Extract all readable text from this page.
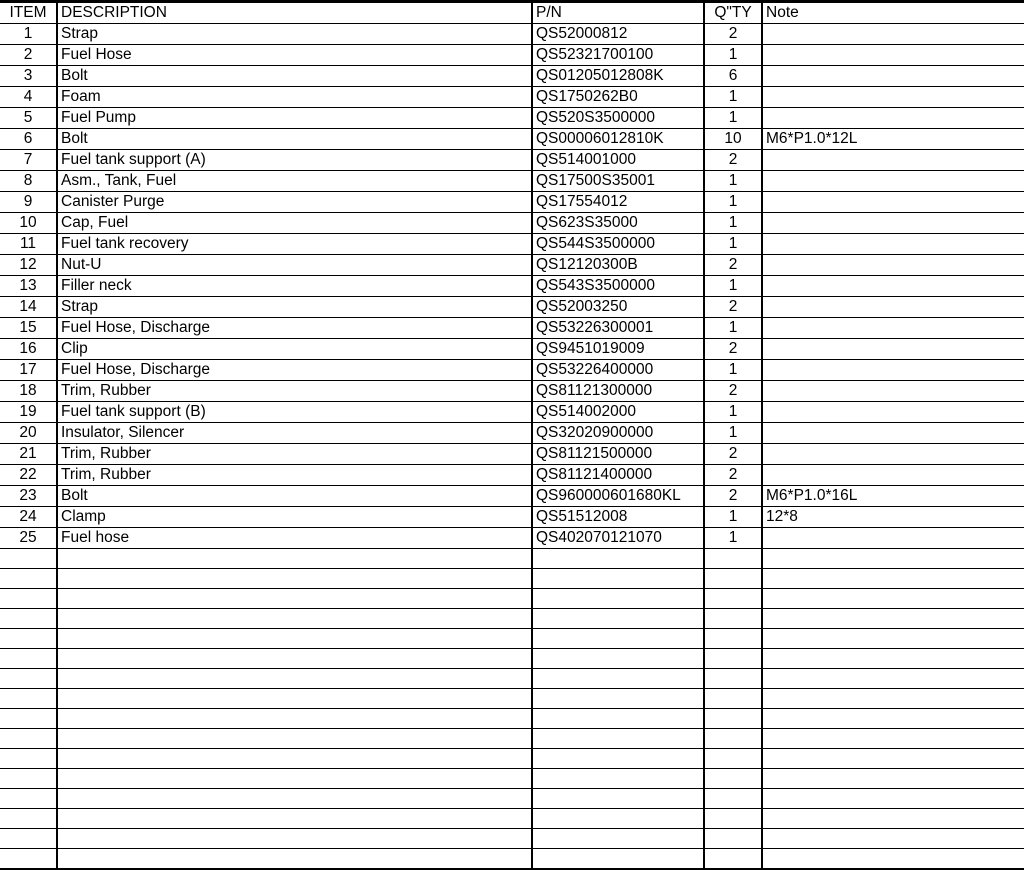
ITEM	DESCRIPTION	P/N	Q"TY	Note
1	Strap	QS52000812	2	
2	Fuel Hose	QS52321700100	1	
3	Bolt	QS01205012808K	6	
4	Foam	QS1750262B0	1	
5	Fuel Pump	QS520S3500000	1	
6	Bolt	QS00006012810K	10	M6*P1.0*12L
7	Fuel tank support (A)	QS514001000	2	
8	Asm., Tank, Fuel	QS17500S35001	1	
9	Canister Purge	QS17554012	1	
10	Cap, Fuel	QS623S35000	1	
11	Fuel tank recovery	QS544S3500000	1	
12	Nut-U	QS12120300B	2	
13	Filler neck	QS543S3500000	1	
14	Strap	QS52003250	2	
15	Fuel Hose, Discharge	QS53226300001	1	
16	Clip	QS9451019009	2	
17	Fuel Hose, Discharge	QS53226400000	1	
18	Trim, Rubber	QS81121300000	2	
19	Fuel tank support (B)	QS514002000	1	
20	Insulator, Silencer	QS32020900000	1	
21	Trim, Rubber	QS81121500000	2	
22	Trim, Rubber	QS81121400000	2	
23	Bolt	QS960000601680KL	2	M6*P1.0*16L
24	Clamp	QS51512008	1	12*8
25	Fuel hose	QS402070121070	1	
